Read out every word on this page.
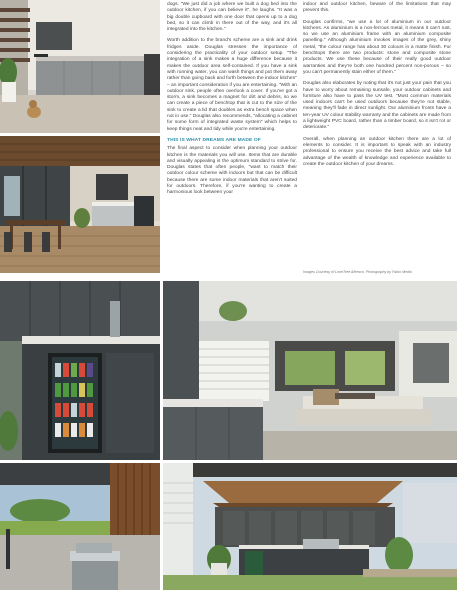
dogs. "We just did a job where we built a dog bed into the outdoor kitchen, if you can believe it", he laughs. "It was a big double cupboard with one door that opens up to a dog bed, so it can climb in there out of the way, and it's all integrated into the kitchen."

Worth addition to the brand's scheme are a sink and drink fridges aside. Douglas stresses the importance of considering the practicality of your outdoor setup. "The integration of a sink makes a huge difference because it makes the outdoor area self-contained. If you have a sink with running water, you can wash things and put them away rather than going back and forth between the indoor kitchen" – an important consideration if you are entertaining. "With an outdoor sink, people often overlook a cover. If you've got a storm, a sink becomes a magnet for dirt and debris, so we can create a piece of benchtop that is cut to the size of the sink to create a lid that doubles as extra bench space when not in use." Douglas also recommends, "allocating a cabinet for some form of integrated waste system" which helps to keep things neat and tidy while you're entertaining.

THIS IS WHAT DREAMS ARE MADE OF

The final aspect to consider when planning your outdoor kitchen is the materials you will use. Items that are durable and visually appealing is the optimum standard to strive for. Douglas states that often people, "want to match their outdoor colour scheme with indoors but that can be difficult because there are some indoor materials that aren't suited for outdoors. Therefore, if you're wanting to create a harmonious look between your

indoor and outdoor kitchen, beware of the limitations that may prevent this.

Douglas confirms, "we use a lot of aluminium in our outdoor kitchens. As aluminium is a non-ferrous metal, it means it can't rust, so we use an aluminium frame with an aluminium composite panelling." Although aluminium invokes images of the grey, shiny metal, "the colour range has about 30 colours in a matte finish. For benchtops there are two products: stone and composite stone products. We use these because of their really good outdoor warranties and they're both one hundred percent non-porous – so you can't permanently stain either of them."

Douglas also elaborates by noting that it's not just your pain that you have to worry about remaining sunsafe, your outdoor cabinets and furniture also have to pass the UV test. "Most common materials used indoors can't be used outdoors because they're not stable, meaning they'll fade in direct sunlight. Our aluminium fronts have a ten-year UV colour stability warranty and the cabinets are made from a lightweight PVC board, rather than a timber board, so it isn't rot or deteriorate."

Overall, when planning an outdoor kitchen there are a lot of elements to consider. It is important to speak with an industry professional to ensure you receive the best advice and take full advantage of the wealth of knowledge and experience available to create the outdoor kitchen of your dreams.

Images Courtesy of LimeTree Alfresco. Photography by Fabio Medio
